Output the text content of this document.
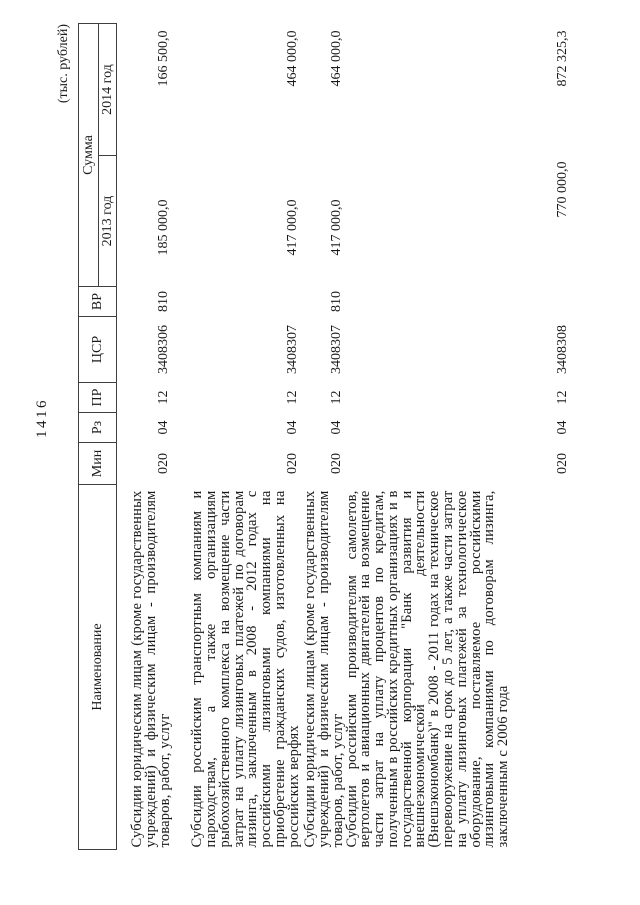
1416
(тыс. рублей)
Наименование	Мин	Рз	ПР	ЦСР	ВР	Сумма	
						2013 год	2014 год
Субсидии юридическим лицам (кроме государственных учреждений) и физическим лицам - производителям товаров, работ, услуг	020	04	12	3408306	810	185 000,0	166 500,0
Субсидии российским транспортным компаниям и пароходствам, а также организациям рыбохозяйственного комплекса на возмещение части затрат на уплату лизинговых платежей по договорам лизинга, заключенным в 2008 - 2012 годах с российскими лизинговыми компаниями на приобретение гражданских судов, изготовленных на российских верфях	020	04	12	3408307		417 000,0	464 000,0
Субсидии юридическим лицам (кроме государственных учреждений) и физическим лицам - производителям товаров, работ, услуг	020	04	12	3408307	810	417 000,0	464 000,0
Субсидии российским производителям самолетов, вертолетов и авиационных двигателей на возмещение части затрат на уплату процентов по кредитам, полученным в российских кредитных организациях и в государственной корпорации "Банк развития и внешнеэкономической деятельности (Внешэкономбанк)" в 2008 - 2011 годах на техническое перевооружение на срок до 5 лет, а также части затрат на уплату лизинговых платежей за технологическое оборудование, поставляемое российскими лизинговыми компаниями по договорам лизинга, заключенным с 2006 года	020	04	12	3408308		770 000,0	872 325,3
